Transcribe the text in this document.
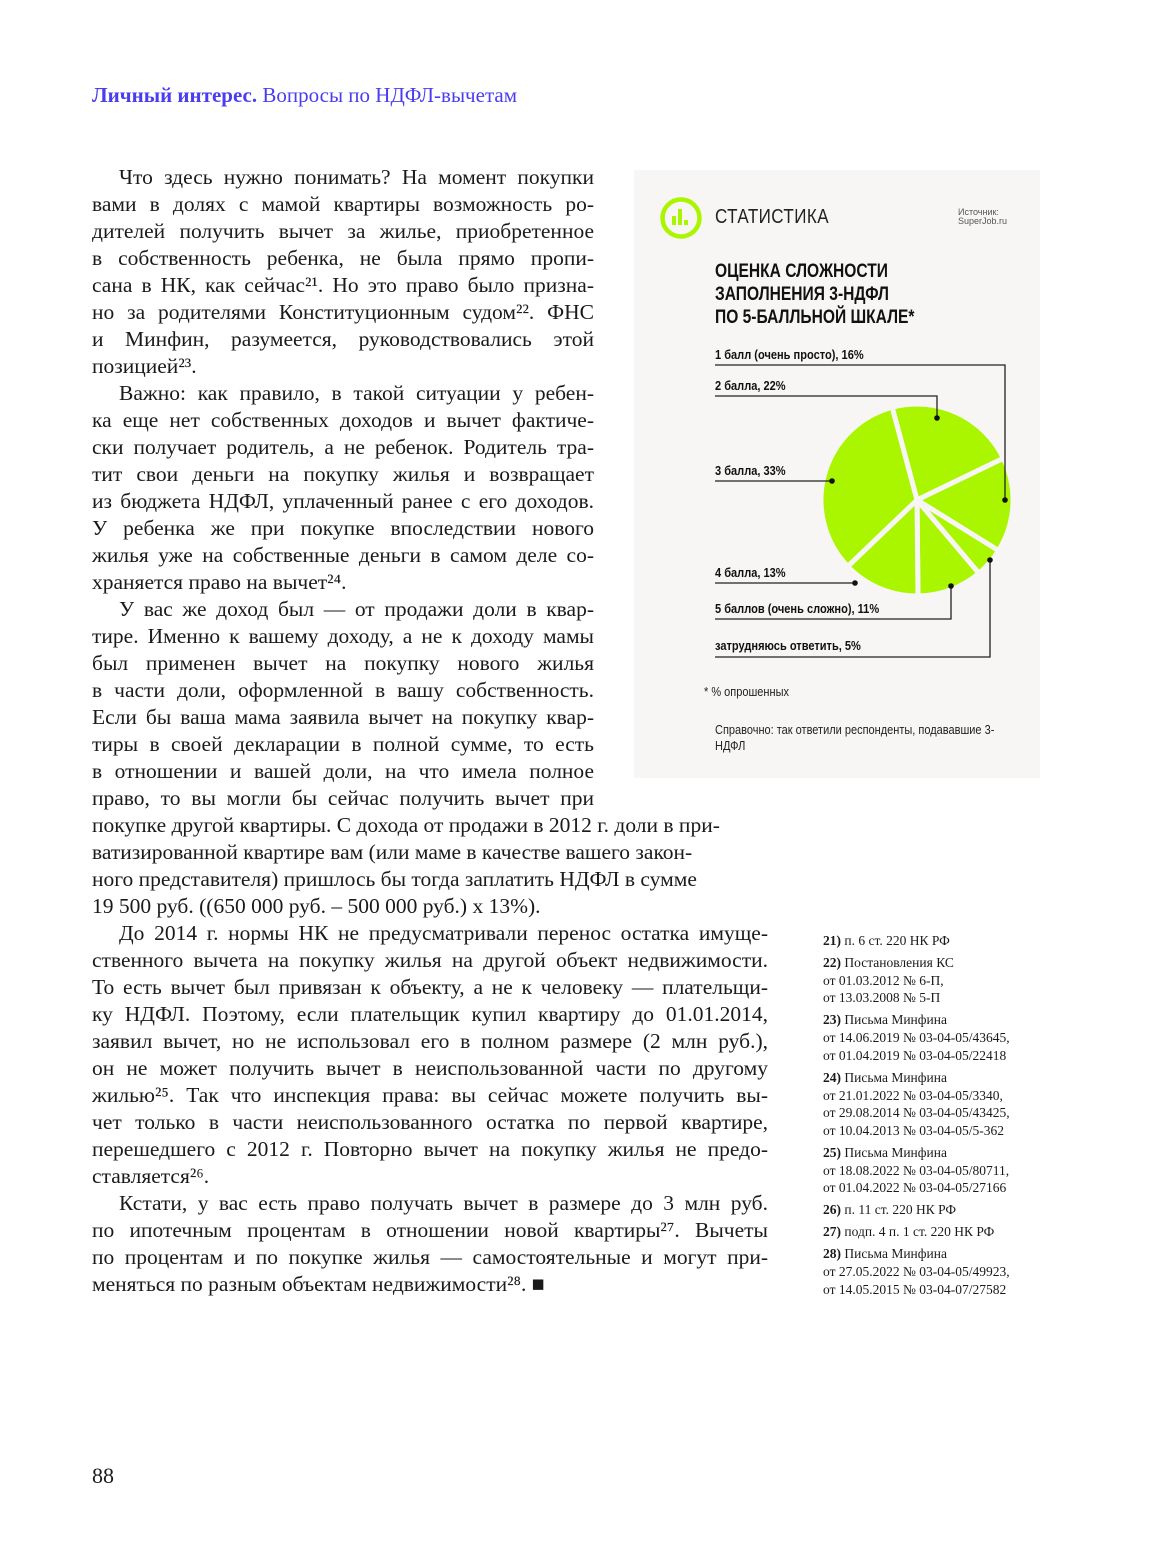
Личный интерес. Вопросы по НДФЛ-вычетам
Что здесь нужно понимать? На момент покупки
вами в долях с мамой квартиры возможность ро-
дителей получить вычет за жилье, приобретенное
в собственность ребенка, не была прямо пропи-
сана в НК, как сейчас²¹. Но это право было призна-
но за родителями Конституционным судом²². ФНС
и Минфин, разумеется, руководствовались этой
позицией²³.
Важно: как правило, в такой ситуации у ребен-
ка еще нет собственных доходов и вычет фактиче-
ски получает родитель, а не ребенок. Родитель тра-
тит свои деньги на покупку жилья и возвращает
из бюджета НДФЛ, уплаченный ранее с его доходов.
У ребенка же при покупке впоследствии нового
жилья уже на собственные деньги в самом деле со-
храняется право на вычет²⁴.
У вас же доход был — от продажи доли в квар-
тире. Именно к вашему доходу, а не к доходу мамы
был применен вычет на покупку нового жилья
в части доли, оформленной в вашу собственность.
Если бы ваша мама заявила вычет на покупку квар-
тиры в своей декларации в полной сумме, то есть
в отношении и вашей доли, на что имела полное
право, то вы могли бы сейчас получить вычет при
покупке другой квартиры. С дохода от продажи в 2012 г. доли в при-
ватизированной квартире вам (или маме в качестве вашего закон-
ного представителя) пришлось бы тогда заплатить НДФЛ в сумме
19 500 руб. ((650 000 руб. – 500 000 руб.) х 13%).
До 2014 г. нормы НК не предусматривали перенос остатка имуще-
ственного вычета на покупку жилья на другой объект недвижимости.
То есть вычет был привязан к объекту, а не к человеку — плательщи-
ку НДФЛ. Поэтому, если плательщик купил квартиру до 01.01.2014,
заявил вычет, но не использовал его в полном размере (2 млн руб.),
он не может получить вычет в неиспользованной части по другому
жилью²⁵. Так что инспекция права: вы сейчас можете получить вы-
чет только в части неиспользованного остатка по первой квартире,
перешедшего с 2012 г. Повторно вычет на покупку жилья не предо-
ставляется²⁶.
Кстати, у вас есть право получать вычет в размере до 3 млн руб.
по ипотечным процентам в отношении новой квартиры²⁷. Вычеты
по процентам и по покупке жилья — самостоятельные и могут при-
меняться по разным объектам недвижимости²⁸. ■
СТАТИСТИКА	Источник:
SuperJob.ru
ОЦЕНКА СЛОЖНОСТИ
ЗАПОЛНЕНИЯ 3-НДФЛ
ПО 5-БАЛЛЬНОЙ ШКАЛЕ*
1 балл (очень просто), 16%
2 балла, 22%
3 балла, 33%
4 балла, 13%
5 баллов (очень сложно), 11%
затрудняюсь ответить, 5%
* % опрошенных
Справочно: так ответили респонденты, подававшие 3-НДФЛ
21) п. 6 ст. 220 НК РФ
22) Постановления КС
от 01.03.2012 № 6-П,
от 13.03.2008 № 5-П
23) Письма Минфина
от 14.06.2019 № 03-04-05/43645,
от 01.04.2019 № 03-04-05/22418
24) Письма Минфина
от 21.01.2022 № 03-04-05/3340,
от 29.08.2014 № 03-04-05/43425,
от 10.04.2013 № 03-04-05/5-362
25) Письма Минфина
от 18.08.2022 № 03-04-05/80711,
от 01.04.2022 № 03-04-05/27166
26) п. 11 ст. 220 НК РФ
27) подп. 4 п. 1 ст. 220 НК РФ
28) Письма Минфина
от 27.05.2022 № 03-04-05/49923,
от 14.05.2015 № 03-04-07/27582
88
